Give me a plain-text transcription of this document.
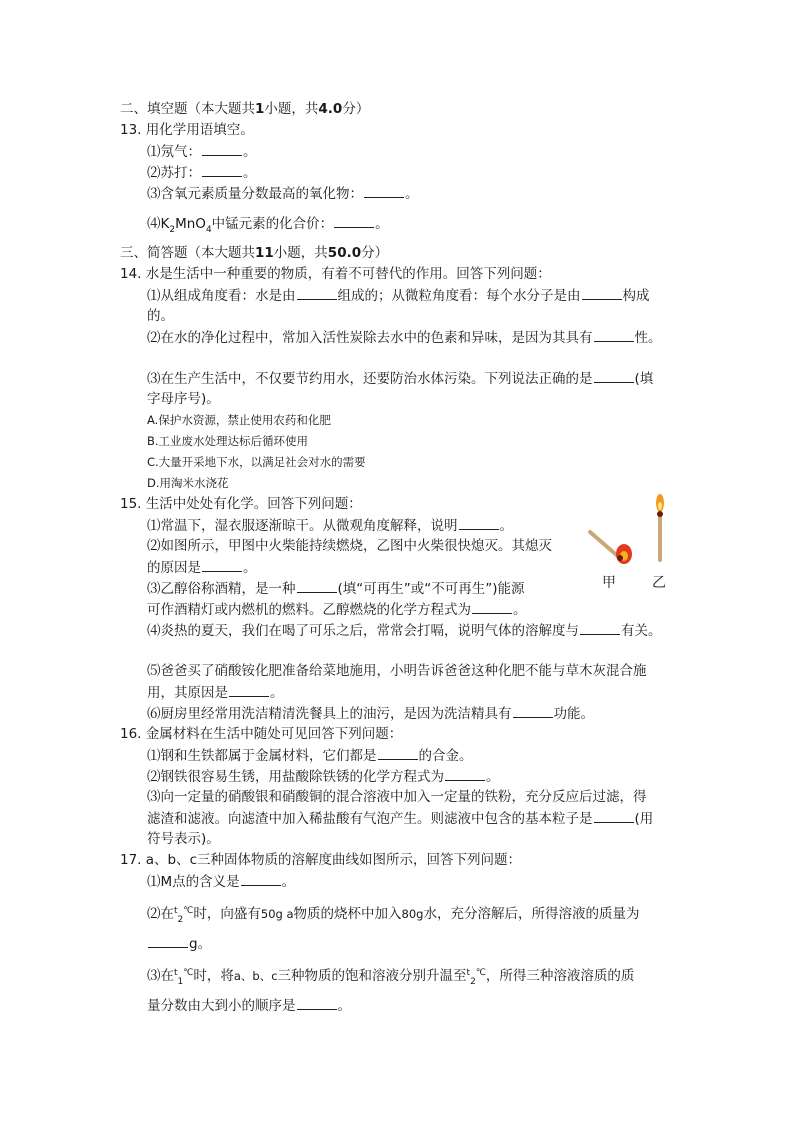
二、填空题（本大题共1小题，共4.0分）
13. 用化学用语填空。
⑴氖气：	。
⑵苏打：	。
⑶含氧元素质量分数最高的氧化物：	。
$⑷K_2MnO_4$中锰元素的化合价：	。
三、简答题（本大题共11小题，共50.0分）
14. 水是生活中一种重要的物质，有着不可替代的作用。回答下列问题：
⑴从组成角度看：水是由	组成的；从微粒角度看：每个水分子是由	构成
的。
⑵在水的净化过程中，常加入活性炭除去水中的色素和异味，是因为其具有	性。
⑶在生产生活中，不仅要节约用水，还要防治水体污染。下列说法正确的是	(填
字母序号)。
A.保护水资源，禁止使用农药和化肥
B.工业废水处理达标后循环使用
C.大量开采地下水，以满足社会对水的需要
D.用淘米水浇花
15. 生活中处处有化学。回答下列问题：
⑴常温下，湿衣服逐渐晾干。从微观角度解释，说明	。
⑵如图所示，甲图中火柴能持续燃烧，乙图中火柴很快熄灭。其熄灭
的原因是	。
⑶乙醇俗称酒精，是一种	(填“可再生”或“不可再生”)能源
可作酒精灯或内燃机的燃料。乙醇燃烧的化学方程式为	。
⑷炎热的夏天，我们在喝了可乐之后，常常会打嗝，说明气体的溶解度与	有关。
⑸爸爸买了硝酸铵化肥准备给菜地施用，小明告诉爸爸这种化肥不能与草木灰混合施
用，其原因是	。
⑹厨房里经常用洗洁精清洗餐具上的油污，是因为洗洁精具有	功能。
甲	乙
16. 金属材料在生活中随处可见回答下列问题：
⑴钢和生铁都属于金属材料，它们都是	的合金。
⑵钢铁很容易生锈，用盐酸除铁锈的化学方程式为	。
⑶向一定量的硝酸银和硝酸铜的混合溶液中加入一定量的铁粉，充分反应后过滤，得
滤渣和滤液。向滤渣中加入稀盐酸有气泡产生。则滤液中包含的基本粒子是	(用
符号表示)。
17. a、b、c三种固体物质的溶解度曲线如图所示，回答下列问题：
⑴M点的含义是	。
⑵在$^t_2$℃时，向盛有50g a物质的烧杯中加入80g水，充分溶解后，所得溶液的质量为
g。
⑶在$^t_1$℃时，将a、b、c三种物质的饱和溶液分别升温至$^t_2$℃，所得三种溶液溶质的质
量分数由大到小的顺序是	。
